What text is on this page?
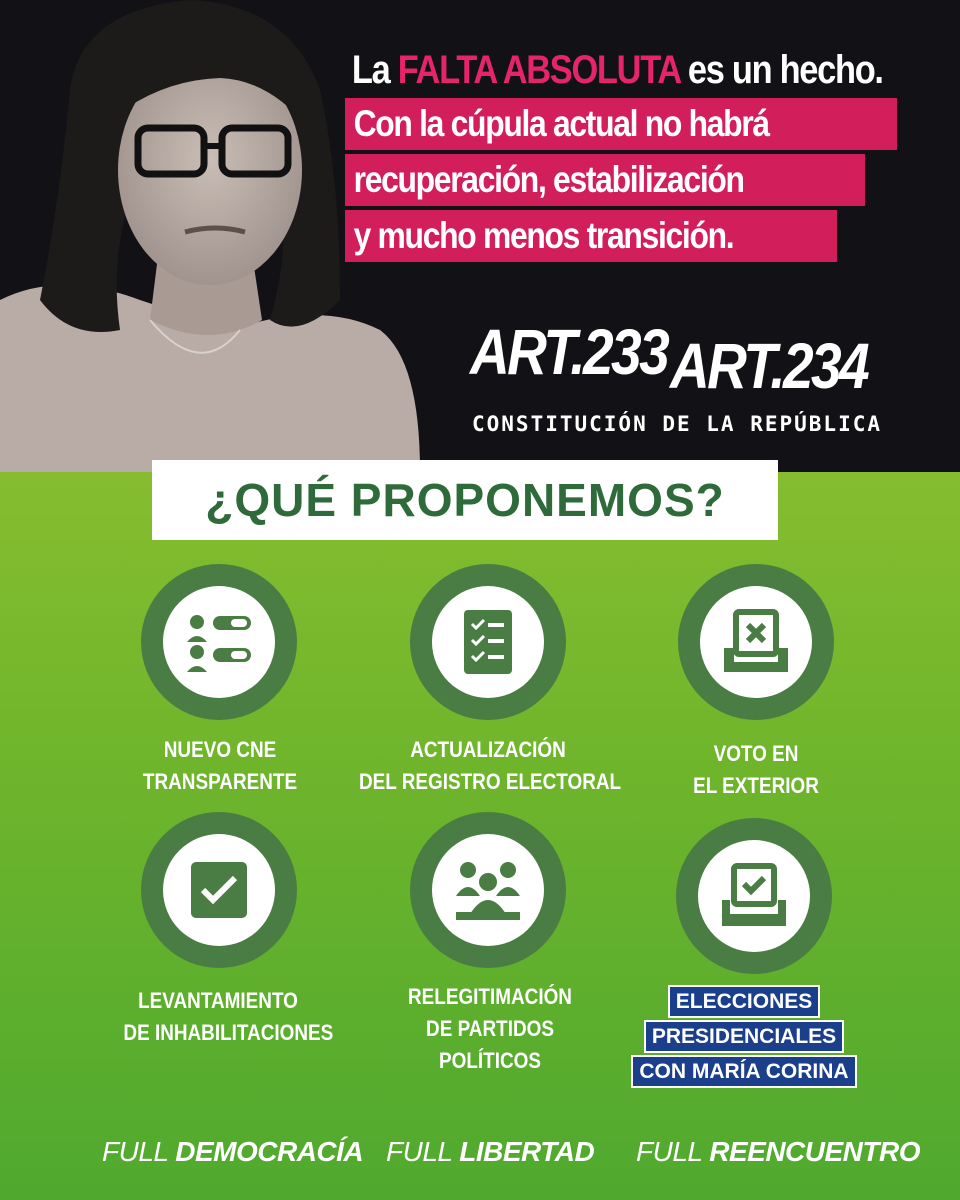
La FALTA ABSOLUTA es un hecho.
Con la cúpula actual no habrá
recuperación, estabilización
y mucho menos transición.
ART.233 ART.234
CONSTITUCIÓN DE LA REPÚBLICA
¿QUÉ PROPONEMOS?
NUEVO CNE
TRANSPARENTE
ACTUALIZACIÓN
DEL REGISTRO ELECTORAL
VOTO EN
EL EXTERIOR
LEVANTAMIENTO
DE INHABILITACIONES
RELEGITIMACIÓN
DE PARTIDOS
POLÍTICOS
ELECCIONES
PRESIDENCIALES
CON MARÍA CORINA
FULL DEMOCRACÍA FULL LIBERTAD FULL REENCUENTRO
